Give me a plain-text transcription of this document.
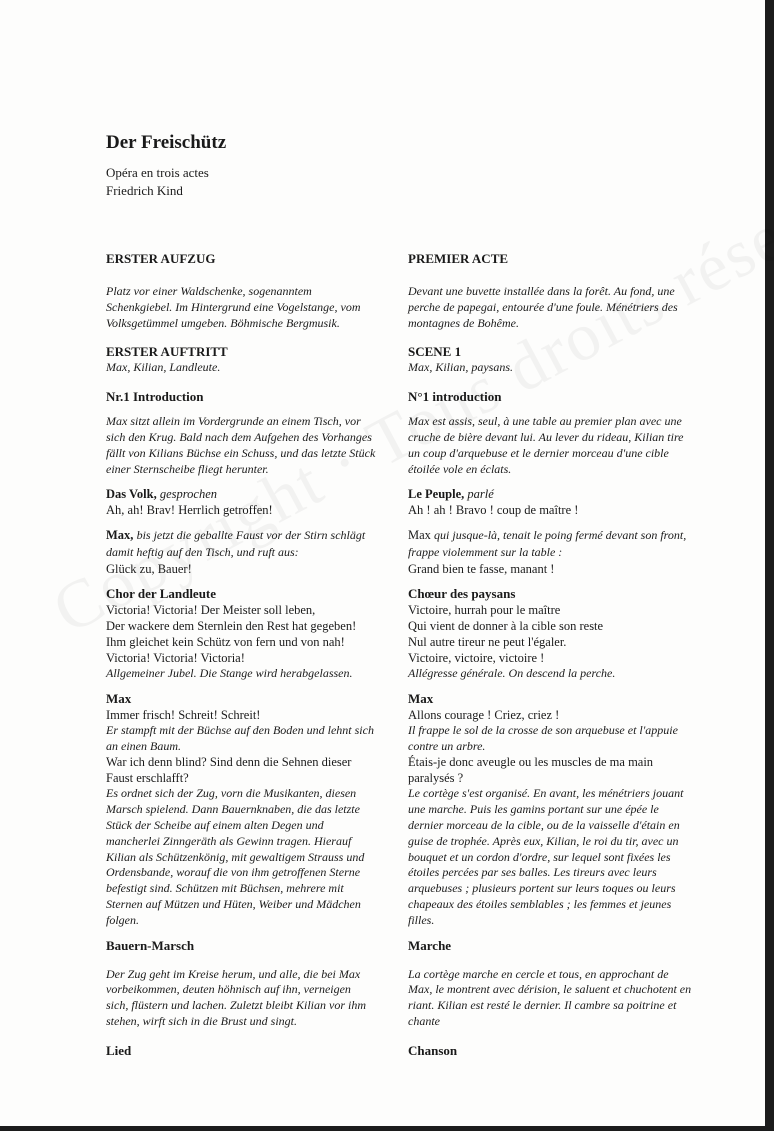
Der Freischütz
Opéra en trois actes
Friedrich Kind
ERSTER AUFZUG
Platz vor einer Waldschenke, sogenanntem Schenkgiebel. Im Hintergrund eine Vogelstange, vom Volksgetümmel umgeben. Böhmische Bergmusik.
ERSTER AUFTRITT
Max, Kilian, Landleute.
Nr.1 Introduction
Max sitzt allein im Vordergrunde an einem Tisch, vor sich den Krug. Bald nach dem Aufgehen des Vorhanges fällt von Kilians Büchse ein Schuss, und das letzte Stück einer Sternscheibe fliegt herunter.
Das Volk, gesprochen
Ah, ah! Brav! Herrlich getroffen!
Max, bis jetzt die geballte Faust vor der Stirn schlägt damit heftig auf den Tisch, und ruft aus:
Glück zu, Bauer!
Chor der Landleute
Victoria! Victoria! Der Meister soll leben,
Der wackere dem Sternlein den Rest hat gegeben!
Ihm gleichet kein Schütz von fern und von nah!
Victoria! Victoria! Victoria!
Allgemeiner Jubel. Die Stange wird herabgelassen.
Max
Immer frisch! Schreit! Schreit!
Er stampft mit der Büchse auf den Boden und lehnt sich an einen Baum.
War ich denn blind? Sind denn die Sehnen dieser Faust erschlafft?
Es ordnet sich der Zug, vorn die Musikanten, diesen Marsch spielend. Dann Bauernknaben, die das letzte Stück der Scheibe auf einem alten Degen und mancherlei Zinngeräth als Gewinn tragen. Hierauf Kilian als Schützenkönig, mit gewaltigem Strauss und Ordensbande, worauf die von ihm getroffenen Sterne befestigt sind. Schützen mit Büchsen, mehrere mit Sternen auf Mützen und Hüten, Weiber und Mädchen folgen.
Bauern-Marsch
Der Zug geht im Kreise herum, und alle, die bei Max vorbeikommen, deuten höhnisch auf ihn, verneigen sich, flüstern und lachen. Zuletzt bleibt Kilian vor ihm stehen, wirft sich in die Brust und singt.
Lied
PREMIER ACTE
Devant une buvette installée dans la forêt. Au fond, une perche de papegai, entourée d'une foule. Ménétriers des montagnes de Bohême.
SCENE 1
Max, Kilian, paysans.
N°1 introduction
Max est assis, seul, à une table au premier plan avec une cruche de bière devant lui. Au lever du rideau, Kilian tire un coup d'arquebuse et le dernier morceau d'une cible étoilée vole en éclats.
Le Peuple, parlé
Ah ! ah ! Bravo ! coup de maître !
Max qui jusque-là, tenait le poing fermé devant son front, frappe violemment sur la table :
Grand bien te fasse, manant !
Chœur des paysans
Victoire, hurrah pour le maître
Qui vient de donner à la cible son reste
Nul autre tireur ne peut l'égaler.
Victoire, victoire, victoire !
Allégresse générale. On descend la perche.
Max
Allons courage ! Criez, criez !
Il frappe le sol de la crosse de son arquebuse et l'appuie contre un arbre.
Étais-je donc aveugle ou les muscles de ma main paralysés ?
Le cortège s'est organisé. En avant, les ménétriers jouant une marche. Puis les gamins portant sur une épée le dernier morceau de la cible, ou de la vaisselle d'étain en guise de trophée. Après eux, Kilian, le roi du tir, avec un bouquet et un cordon d'ordre, sur lequel sont fixées les étoiles percées par ses balles. Les tireurs avec leurs arquebuses ; plusieurs portent sur leurs toques ou leurs chapeaux des étoiles semblables ; les femmes et jeunes filles.
Marche
La cortège marche en cercle et tous, en approchant de Max, le montrent avec dérision, le saluent et chuchotent en riant. Kilian est resté le dernier. Il cambre sa poitrine et chante
Chanson
